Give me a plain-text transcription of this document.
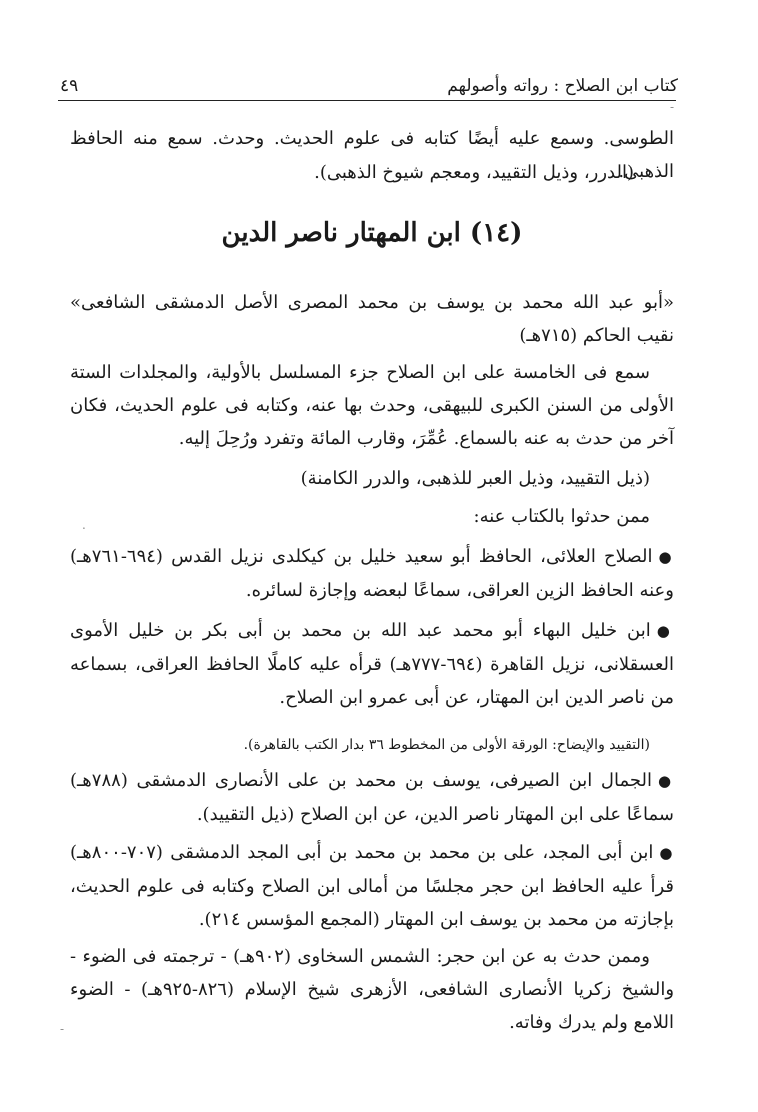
كتاب ابن الصلاح : رواته وأصولهم
٤٩
الطوسى. وسمع عليه أيضًا كتابه فى علوم الحديث. وحدث. سمع منه الحافظ الذهبى.
(الدرر، وذيل التقييد، ومعجم شيوخ الذهبى).
(١٤) ابن المهتار ناصر الدين
«أبو عبد الله محمد بن يوسف بن محمد المصرى الأصل الدمشقى الشافعى» نقيب الحاكم (٧١٥هـ)
سمع فى الخامسة على ابن الصلاح جزء المسلسل بالأولية، والمجلدات الستة الأولى من السنن الكبرى للبيهقى، وحدث بها عنه، وكتابه فى علوم الحديث، فكان آخر من حدث به عنه بالسماع. عُمِّرَ، وقارب المائة وتفرد ورُحِلَ إليه.
(ذيل التقييد، وذيل العبر للذهبى، والدرر الكامنة)
ممن حدثوا بالكتاب عنه:
● الصلاح العلائى، الحافظ أبو سعيد خليل بن كيكلدى نزيل القدس (٦٩٤-٧٦١هـ) وعنه الحافظ الزين العراقى، سماعًا لبعضه وإجازة لسائره.
● ابن خليل البهاء أبو محمد عبد الله بن محمد بن أبى بكر بن خليل الأموى العسقلانى، نزيل القاهرة (٦٩٤-٧٧٧هـ) قرأه عليه كاملًا الحافظ العراقى، بسماعه من ناصر الدين ابن المهتار، عن أبى عمرو ابن الصلاح.
(التقييد والإيضاح: الورقة الأولى من المخطوط ٣٦ بدار الكتب بالقاهرة).
● الجمال ابن الصيرفى، يوسف بن محمد بن على الأنصارى الدمشقى (٧٨٨هـ) سماعًا على ابن المهتار ناصر الدين، عن ابن الصلاح (ذيل التقييد).
● ابن أبى المجد، على بن محمد بن محمد بن أبى المجد الدمشقى (٧٠٧-٨٠٠هـ) قرأ عليه الحافظ ابن حجر مجلسًا من أمالى ابن الصلاح وكتابه فى علوم الحديث، بإجازته من محمد بن يوسف ابن المهتار (المجمع المؤسس ٢١٤).
وممن حدث به عن ابن حجر: الشمس السخاوى (٩٠٢هـ) - ترجمته فى الضوء - والشيخ زكريا الأنصارى الشافعى، الأزهرى شيخ الإسلام (٨٢٦-٩٢٥هـ) - الضوء اللامع ولم يدرك وفاته.
-
.
-
